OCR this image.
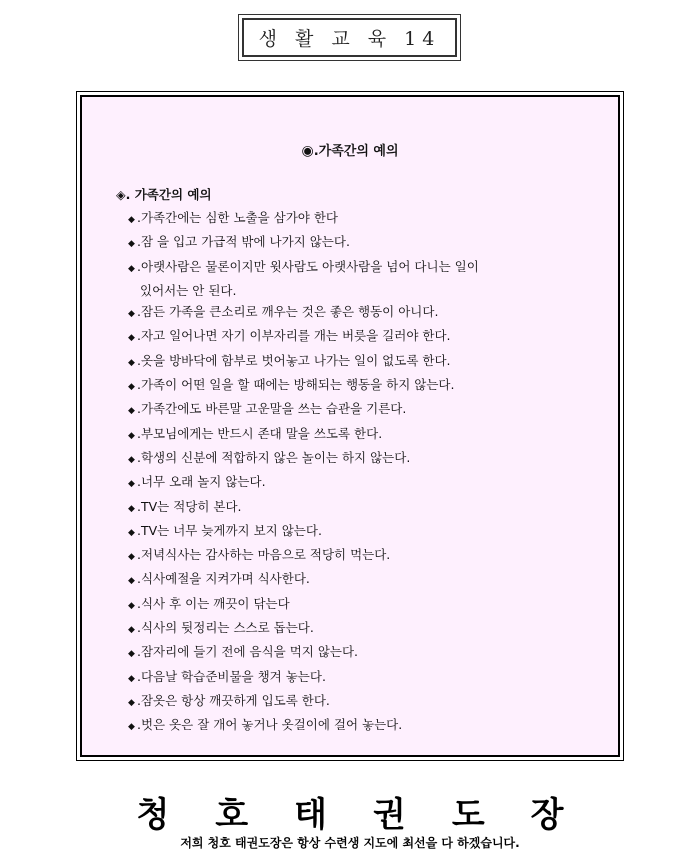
생 활 교 육 14
◉.가족간의 예의
◈. 가족간의 예의
◆ .가족간에는 심한 노출을 삼가야 한다
◆ .잠 을 입고 가급적 밖에 나가지 않는다.
◆ .아랫사람은 물론이지만 윗사람도 아랫사람을 넘어 다니는 일이
있어서는 안 된다.
◆ .잠든 가족을 큰소리로 깨우는 것은 좋은 행동이 아니다.
◆ .자고 일어나면 자기 이부자리를 개는 버릇을 길러야 한다.
◆ .옷을 방바닥에 함부로 벗어놓고 나가는 일이 없도록 한다.
◆ .가족이 어떤 일을 할 때에는 방해되는 행동을 하지 않는다.
◆ .가족간에도 바른말 고운말을 쓰는 습관을 기른다.
◆ .부모님에게는 반드시 존대 말을 쓰도록 한다.
◆ .학생의 신분에 적합하지 않은 놀이는 하지 않는다.
◆ .너무 오래 놀지 않는다.
◆ .TV는 적당히 본다.
◆ .TV는 너무 늦게까지 보지 않는다.
◆ .저녁식사는 감사하는 마음으로 적당히 먹는다.
◆ .식사예절을 지켜가며 식사한다.
◆ .식사 후 이는 깨끗이 닦는다
◆ .식사의 뒷정리는 스스로 돕는다.
◆ .잠자리에 들기 전에 음식을 먹지 않는다.
◆ .다음날 학습준비물을 챙겨 놓는다.
◆ .잠옷은 항상 깨끗하게 입도록 한다.
◆ .벗은 옷은 잘 개어 놓거나 옷걸이에 걸어 놓는다.
청호태권도장
저희 청호 태권도장은 항상 수련생 지도에 최선을 다 하겠습니다.
